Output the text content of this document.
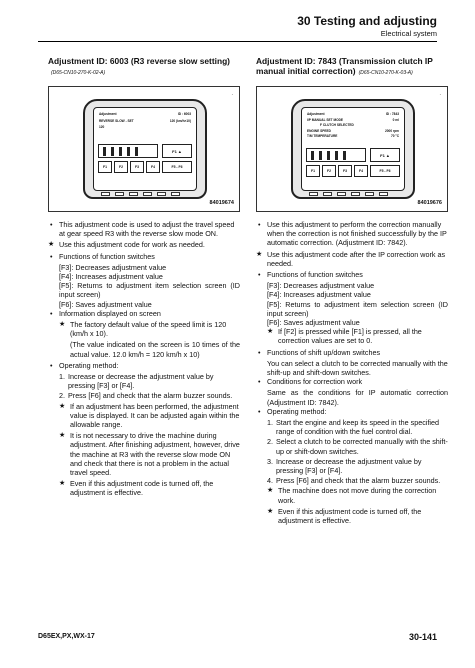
30 Testing and adjusting
Electrical system
Adjustment ID: 6003 (R3 reverse slow setting)(D65-CN10-270-K-02-A)
·
Adjustment	ID : 6003
REVERSE SLOW - SET	120 (km/h×10)
120
F1 ▲
F1	F2	F3	F4	F5 - F6
84019674
• This adjustment code is used to adjust the travel speed at gear speed R3 with the reverse slow mode ON.
★ Use this adjustment code for work as needed.
• Functions of function switches
[F3]: Decreases adjustment value
[F4]: Increases adjustment value
[F5]: Returns to adjustment item selection screen (ID input screen)
[F6]: Saves adjustment value
• Information displayed on screen
★ The factory default value of the speed limit is 120 (km/h x 10).
(The value indicated on the screen is 10 times of the actual value. 12.0 km/h = 120 km/h x 10)
• Operating method:
1. Increase or decrease the adjustment value by pressing [F3] or [F4].
2. Press [F6] and check that the alarm buzzer sounds.
★ If an adjustment has been performed, the adjustment value is displayed. It can be adjusted again within the allowable range.
★ It is not necessary to drive the machine during adjustment. After finishing adjustment, however, drive the machine at R3 with the reverse slow mode ON and check that there is not a problem in the actual travel speed.
★ Even if this adjustment code is turned off, the adjustment is effective.
Adjustment ID: 7843 (Transmission clutch IP manual initial correction) (D65-CN10-270-K-03-A)
·
Adjustment	ID : 7843
I/P MANUAL SET MODE	0 ml
F CLUTCH SELECTED
ENGINE SPEED	2000 rpm
T/M TEMPERATURE	70 °C
F1 ▲
F1	F2	F3	F4	F5 - F6
84019676
• Use this adjustment to perform the correction manually when the correction is not finished successfully by the IP automatic correction. (Adjustment ID: 7842).
★ Use this adjustment code after the IP correction work as needed.
• Functions of function switches
[F3]: Decreases adjustment value
[F4]: Increases adjustment value
[F5]: Returns to adjustment item selection screen (ID input screen)
[F6]: Saves adjustment value
★ If [F2] is pressed while [F1] is pressed, all the correction values are set to 0.
• Functions of shift up/down switches
You can select a clutch to be corrected manually with the shift-up and shift-down switches.
• Conditions for correction work
Same as the conditions for IP automatic correction (Adjustment ID: 7842).
• Operating method:
1. Start the engine and keep its speed in the specified range of condition with the fuel control dial.
2. Select a clutch to be corrected manually with the shift-up or shift-down switches.
3. Increase or decrease the adjustment value by pressing [F3] or [F4].
4. Press [F6] and check that the alarm buzzer sounds.
★ The machine does not move during the correction work.
★ Even if this adjustment code is turned off, the adjustment is effective.
D65EX,PX,WX-17	30-141
